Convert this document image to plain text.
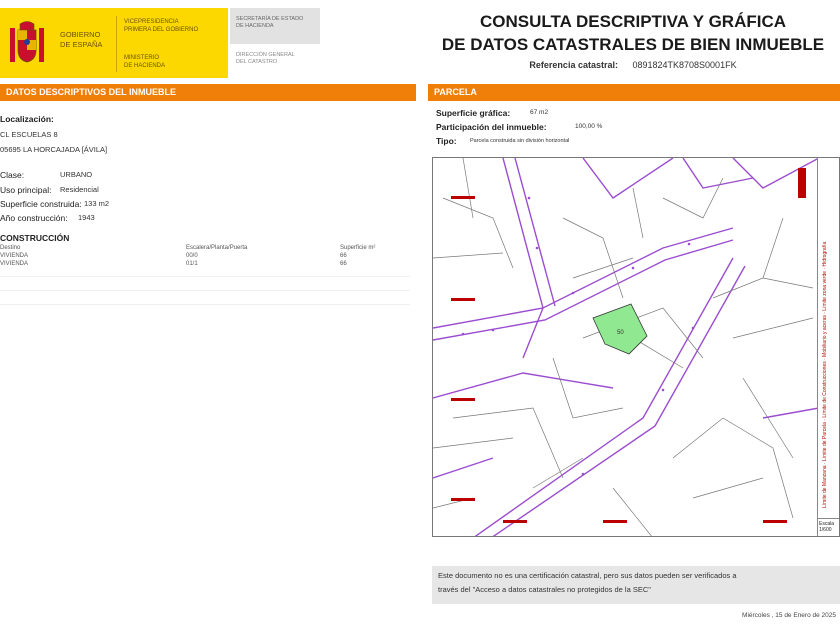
GOBIERNO
DE ESPAÑA
VICEPRESIDENCIA
PRIMERA DEL GOBIERNO
MINISTERIO
DE HACIENDA
SECRETARÍA DE ESTADO
DE HACIENDA
DIRECCIÓN GENERAL
DEL CATASTRO
CONSULTA DESCRIPTIVA Y GRÁFICA
DE DATOS CATASTRALES DE BIEN INMUEBLE
Referencia catastral: 0891824TK8708S0001FK
DATOS DESCRIPTIVOS DEL INMUEBLE
Localización:
CL ESCUELAS 8
05695 LA HORCAJADA [ÁVILA]
Clase:	URBANO
Uso principal: Residencial
Superficie construida: 133 m2
Año construcción: 1943
CONSTRUCCIÓN
Destino	Escalera/Planta/Puerta	Superficie m²
VIVIENDA	00/0	66
VIVIENDA	01/1	66
PARCELA
Superficie gráfica:	67 m2
Participación del inmueble:	100,00 %
Tipo: Parcela construida sin división horizontal
50	Límite de Manzana · Límite de Parcela · Límite de Construcciones · Mobiliario y aceras · Límite zona verde · Hidrografía
Escala
1/600
Este documento no es una certificación catastral, pero sus datos pueden ser verificados a
través del "Acceso a datos catastrales no protegidos de la SEC"
Miércoles , 15 de Enero de 2025
